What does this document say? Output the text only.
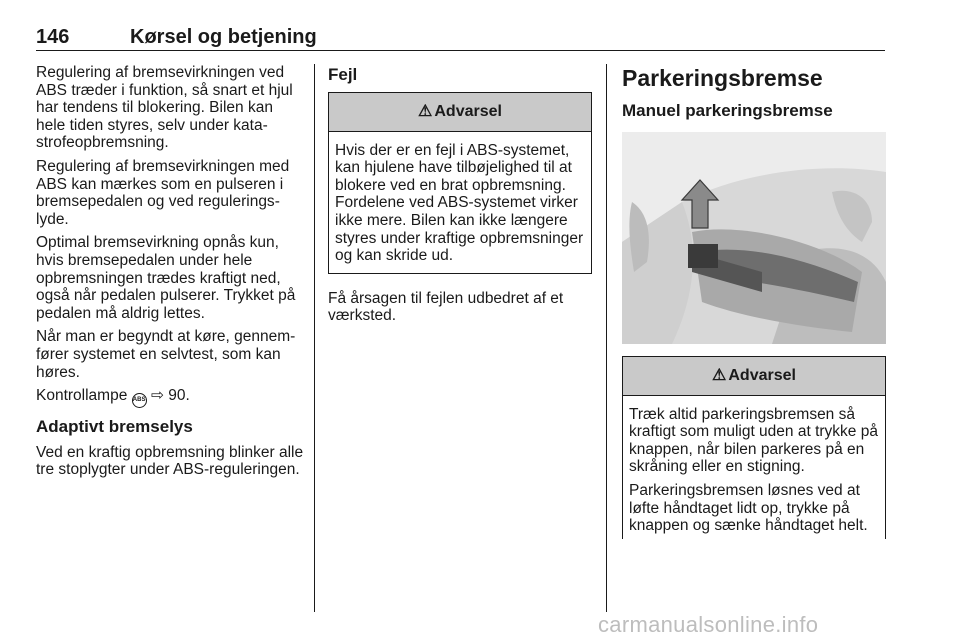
146	Kørsel og betjening

Regulering af bremsevirkningen ved ABS træder i funktion, så snart et hjul har tendens til blokering. Bilen kan hele tiden styres, selv under katastrofeopbremsning.

Regulering af bremsevirkningen med ABS kan mærkes som en pulseren i bremsepedalen og ved reguleringslyde.

Optimal bremsevirkning opnås kun, hvis bremsepedalen under hele opbremsningen trædes kraftigt ned, også når pedalen pulserer. Trykket på pedalen må aldrig lettes.

Når man er begyndt at køre, gennemfører systemet en selvtest, som kan høres.

Kontrollampe ABS ⇨ 90.

Adaptivt bremselys

Ved en kraftig opbremsning blinker alle tre stoplygter under ABS-reguleringen.

Fejl
⚠ Advarsel
Hvis der er en fejl i ABS-systemet, kan hjulene have tilbøjelighed til at blokere ved en brat opbremsning. Fordelene ved ABS-systemet virker ikke mere. Bilen kan ikke længere styres under kraftige opbremsninger og kan skride ud.

Få årsagen til fejlen udbedret af et værksted.

Parkeringsbremse
Manuel parkeringsbremse
⚠ Advarsel

Træk altid parkeringsbremsen så kraftigt som muligt uden at trykke på knappen, når bilen parkeres på en skråning eller en stigning.

Parkeringsbremsen løsnes ved at løfte håndtaget lidt op, trykke på knappen og sænke håndtaget helt.

carmanualsonline.info
